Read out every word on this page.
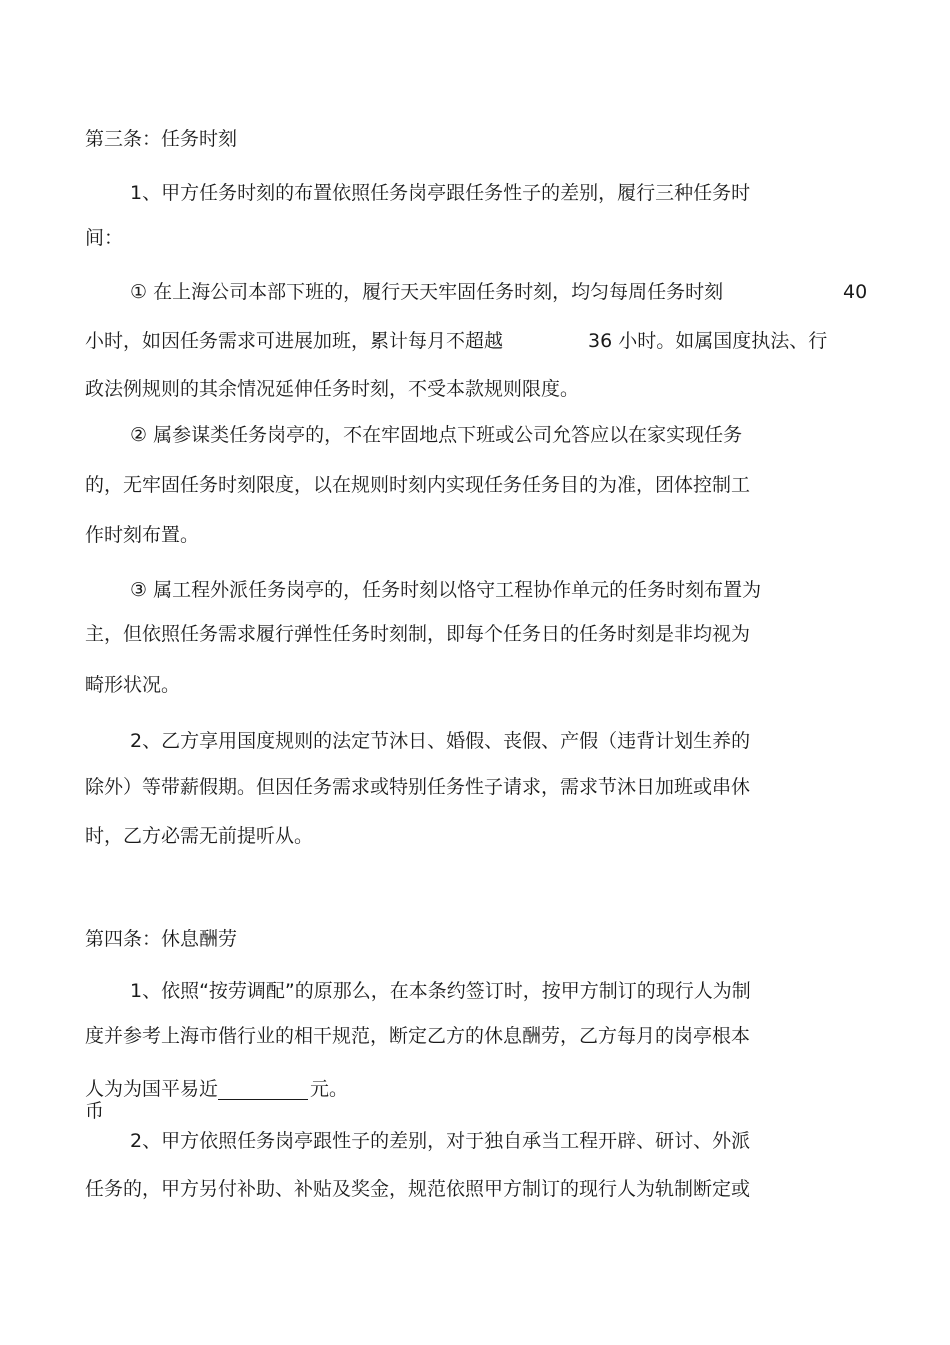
第三条：任务时刻
1、甲方任务时刻的布置依照任务岗亭跟任务性子的差别，履行三种任务时
间：
① 在上海公司本部下班的，履行天天牢固任务时刻，均匀每周任务时刻	40
小时，如因任务需求可进展加班，累计每月不超越	36 小时。如属国度执法、行
政法例规则的其余情况延伸任务时刻，不受本款规则限度。
② 属参谋类任务岗亭的，不在牢固地点下班或公司允答应以在家实现任务
的，无牢固任务时刻限度，以在规则时刻内实现任务任务目的为准，团体控制工
作时刻布置。
③ 属工程外派任务岗亭的，任务时刻以恪守工程协作单元的任务时刻布置为
主，但依照任务需求履行弹性任务时刻制，即每个任务日的任务时刻是非均视为
畸形状况。
2、乙方享用国度规则的法定节沐日、婚假、丧假、产假（违背计划生养的
除外）等带薪假期。但因任务需求或特别任务性子请求，需求节沐日加班或串休
时，乙方必需无前提听从。
第四条：休息酬劳
1、依照“按劳调配”的原那么，在本条约签订时，按甲方制订的现行人为制
度并参考上海市偕行业的相干规范，断定乙方的休息酬劳，乙方每月的岗亭根本
人为为国平易近	元。
币
2、甲方依照任务岗亭跟性子的差别，对于独自承当工程开辟、研讨、外派
任务的，甲方另付补助、补贴及奖金，规范依照甲方制订的现行人为轨制断定或
